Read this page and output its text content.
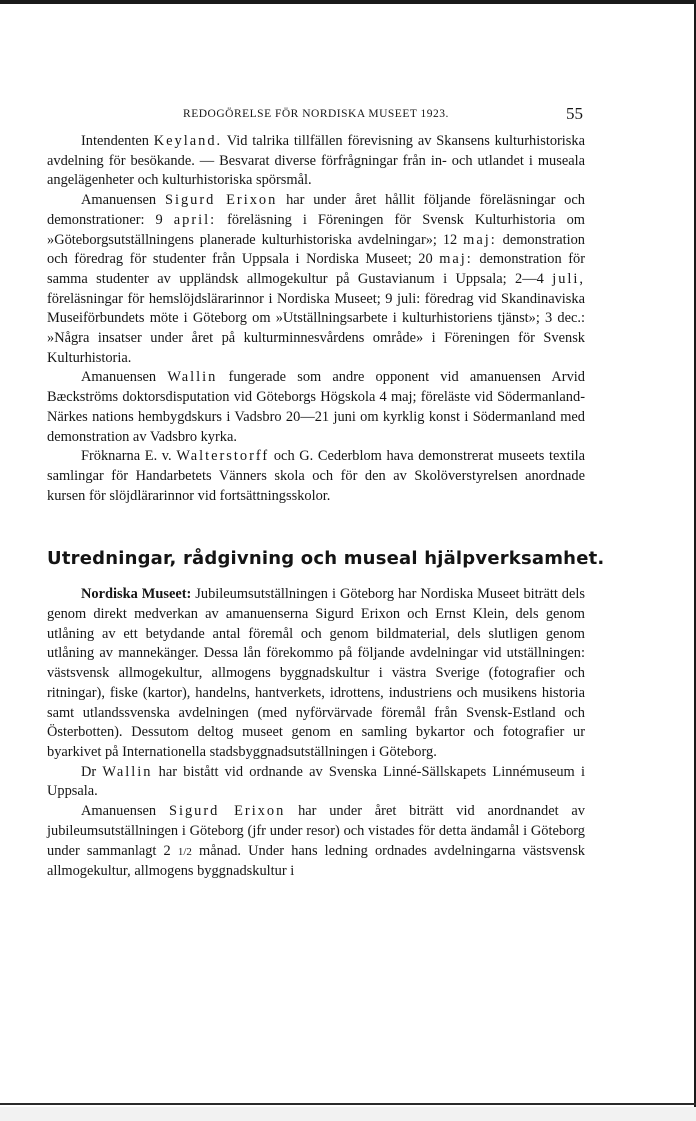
REDOGÖRELSE FÖR NORDISKA MUSEET 1923.	55

Intendenten Keyland. Vid talrika tillfällen förevisning av Skansens kulturhistoriska avdelning för besökande. — Besvarat diverse förfrågningar från in- och utlandet i museala angelägenheter och kulturhistoriska spörsmål.

Amanuensen Sigurd Erixon har under året hållit följande föreläsningar och demonstrationer: 9 april: föreläsning i Föreningen för Svensk Kulturhistoria om »Göteborgsutställningens planerade kulturhistoriska avdelningar»; 12 maj: demonstration och föredrag för studenter från Uppsala i Nordiska Museet; 20 maj: demonstration för samma studenter av uppländsk allmogekultur på Gustavianum i Uppsala; 2—4 juli, föreläsningar för hemslöjdslärarinnor i Nordiska Museet; 9 juli: föredrag vid Skandinaviska Museiförbundets möte i Göteborg om »Utställningsarbete i kulturhistoriens tjänst»; 3 dec.: »Några insatser under året på kulturminnesvårdens område» i Föreningen för Svensk Kulturhistoria.

Amanuensen Wallin fungerade som andre opponent vid amanuensen Arvid Bæckströms doktorsdisputation vid Göteborgs Högskola 4 maj; föreläste vid Södermanland-Närkes nations hembygdskurs i Vadsbro 20—21 juni om kyrklig konst i Södermanland med demonstration av Vadsbro kyrka.

Fröknarna E. v. Walterstorff och G. Cederblom hava demonstrerat museets textila samlingar för Handarbetets Vänners skola och för den av Skolöverstyrelsen anordnade kursen för slöjdlärarinnor vid fortsättningsskolor.

Utredningar, rådgivning och museal hjälpverksamhet.

Nordiska Museet: Jubileumsutställningen i Göteborg har Nordiska Museet biträtt dels genom direkt medverkan av amanuenserna Sigurd Erixon och Ernst Klein, dels genom utlåning av ett betydande antal föremål och genom bildmaterial, dels slutligen genom utlåning av mannekänger. Dessa lån förekommo på följande avdelningar vid utställningen: västsvensk allmogekultur, allmogens byggnadskultur i västra Sverige (fotografier och ritningar), fiske (kartor), handelns, hantverkets, idrottens, industriens och musikens historia samt utlandssvenska avdelningen (med nyförvärvade föremål från Svensk-Estland och Österbotten). Dessutom deltog museet genom en samling bykartor och fotografier ur byarkivet på Internationella stadsbyggnadsutställningen i Göteborg.

Dr Wallin har bistått vid ordnande av Svenska Linné-Sällskapets Linnémuseum i Uppsala.

Amanuensen Sigurd Erixon har under året biträtt vid anordnandet av jubileumsutställningen i Göteborg (jfr under resor) och vistades för detta ändamål i Göteborg under sammanlagt 2 1/2 månad. Under hans ledning ordnades avdelningarna västsvensk allmogekultur, allmogens byggnadskultur i
